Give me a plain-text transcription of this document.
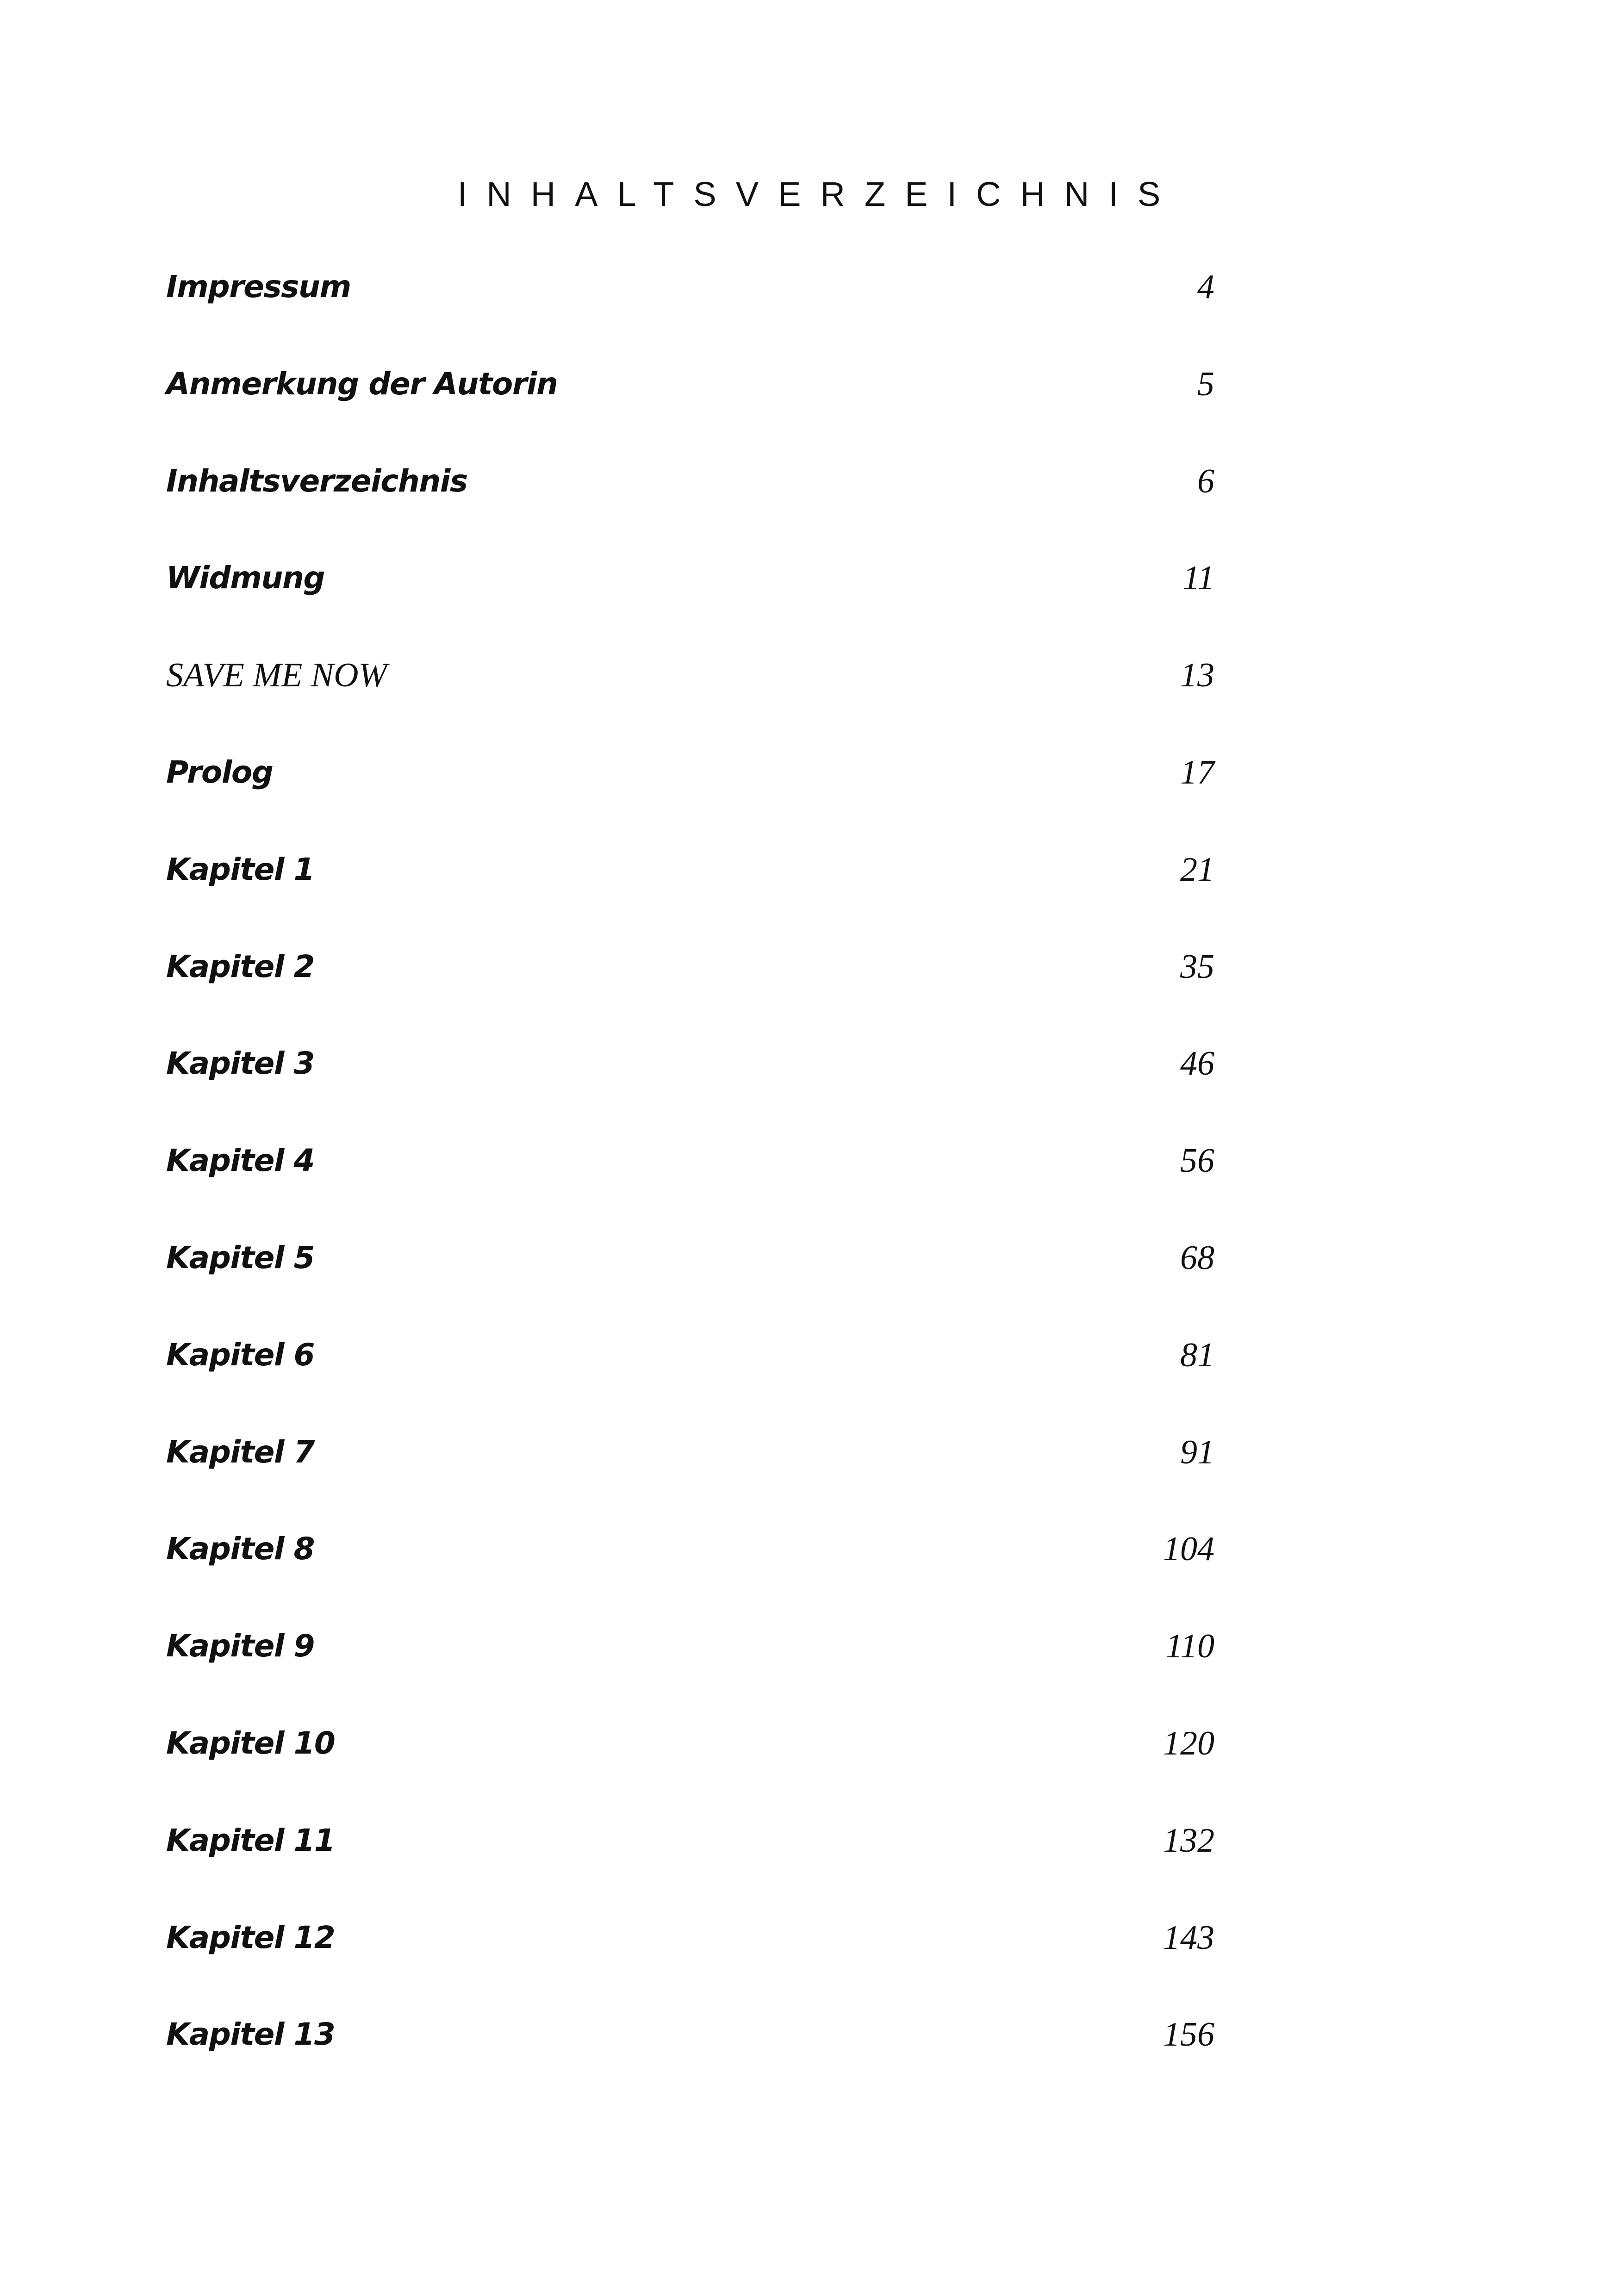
INHALTSVERZEICHNIS
Impressum	4
Anmerkung der Autorin	5
Inhaltsverzeichnis	6
Widmung	11
SAVE ME NOW	13
Prolog	17
Kapitel 1	21
Kapitel 2	35
Kapitel 3	46
Kapitel 4	56
Kapitel 5	68
Kapitel 6	81
Kapitel 7	91
Kapitel 8	104
Kapitel 9	110
Kapitel 10	120
Kapitel 11	132
Kapitel 12	143
Kapitel 13	156
